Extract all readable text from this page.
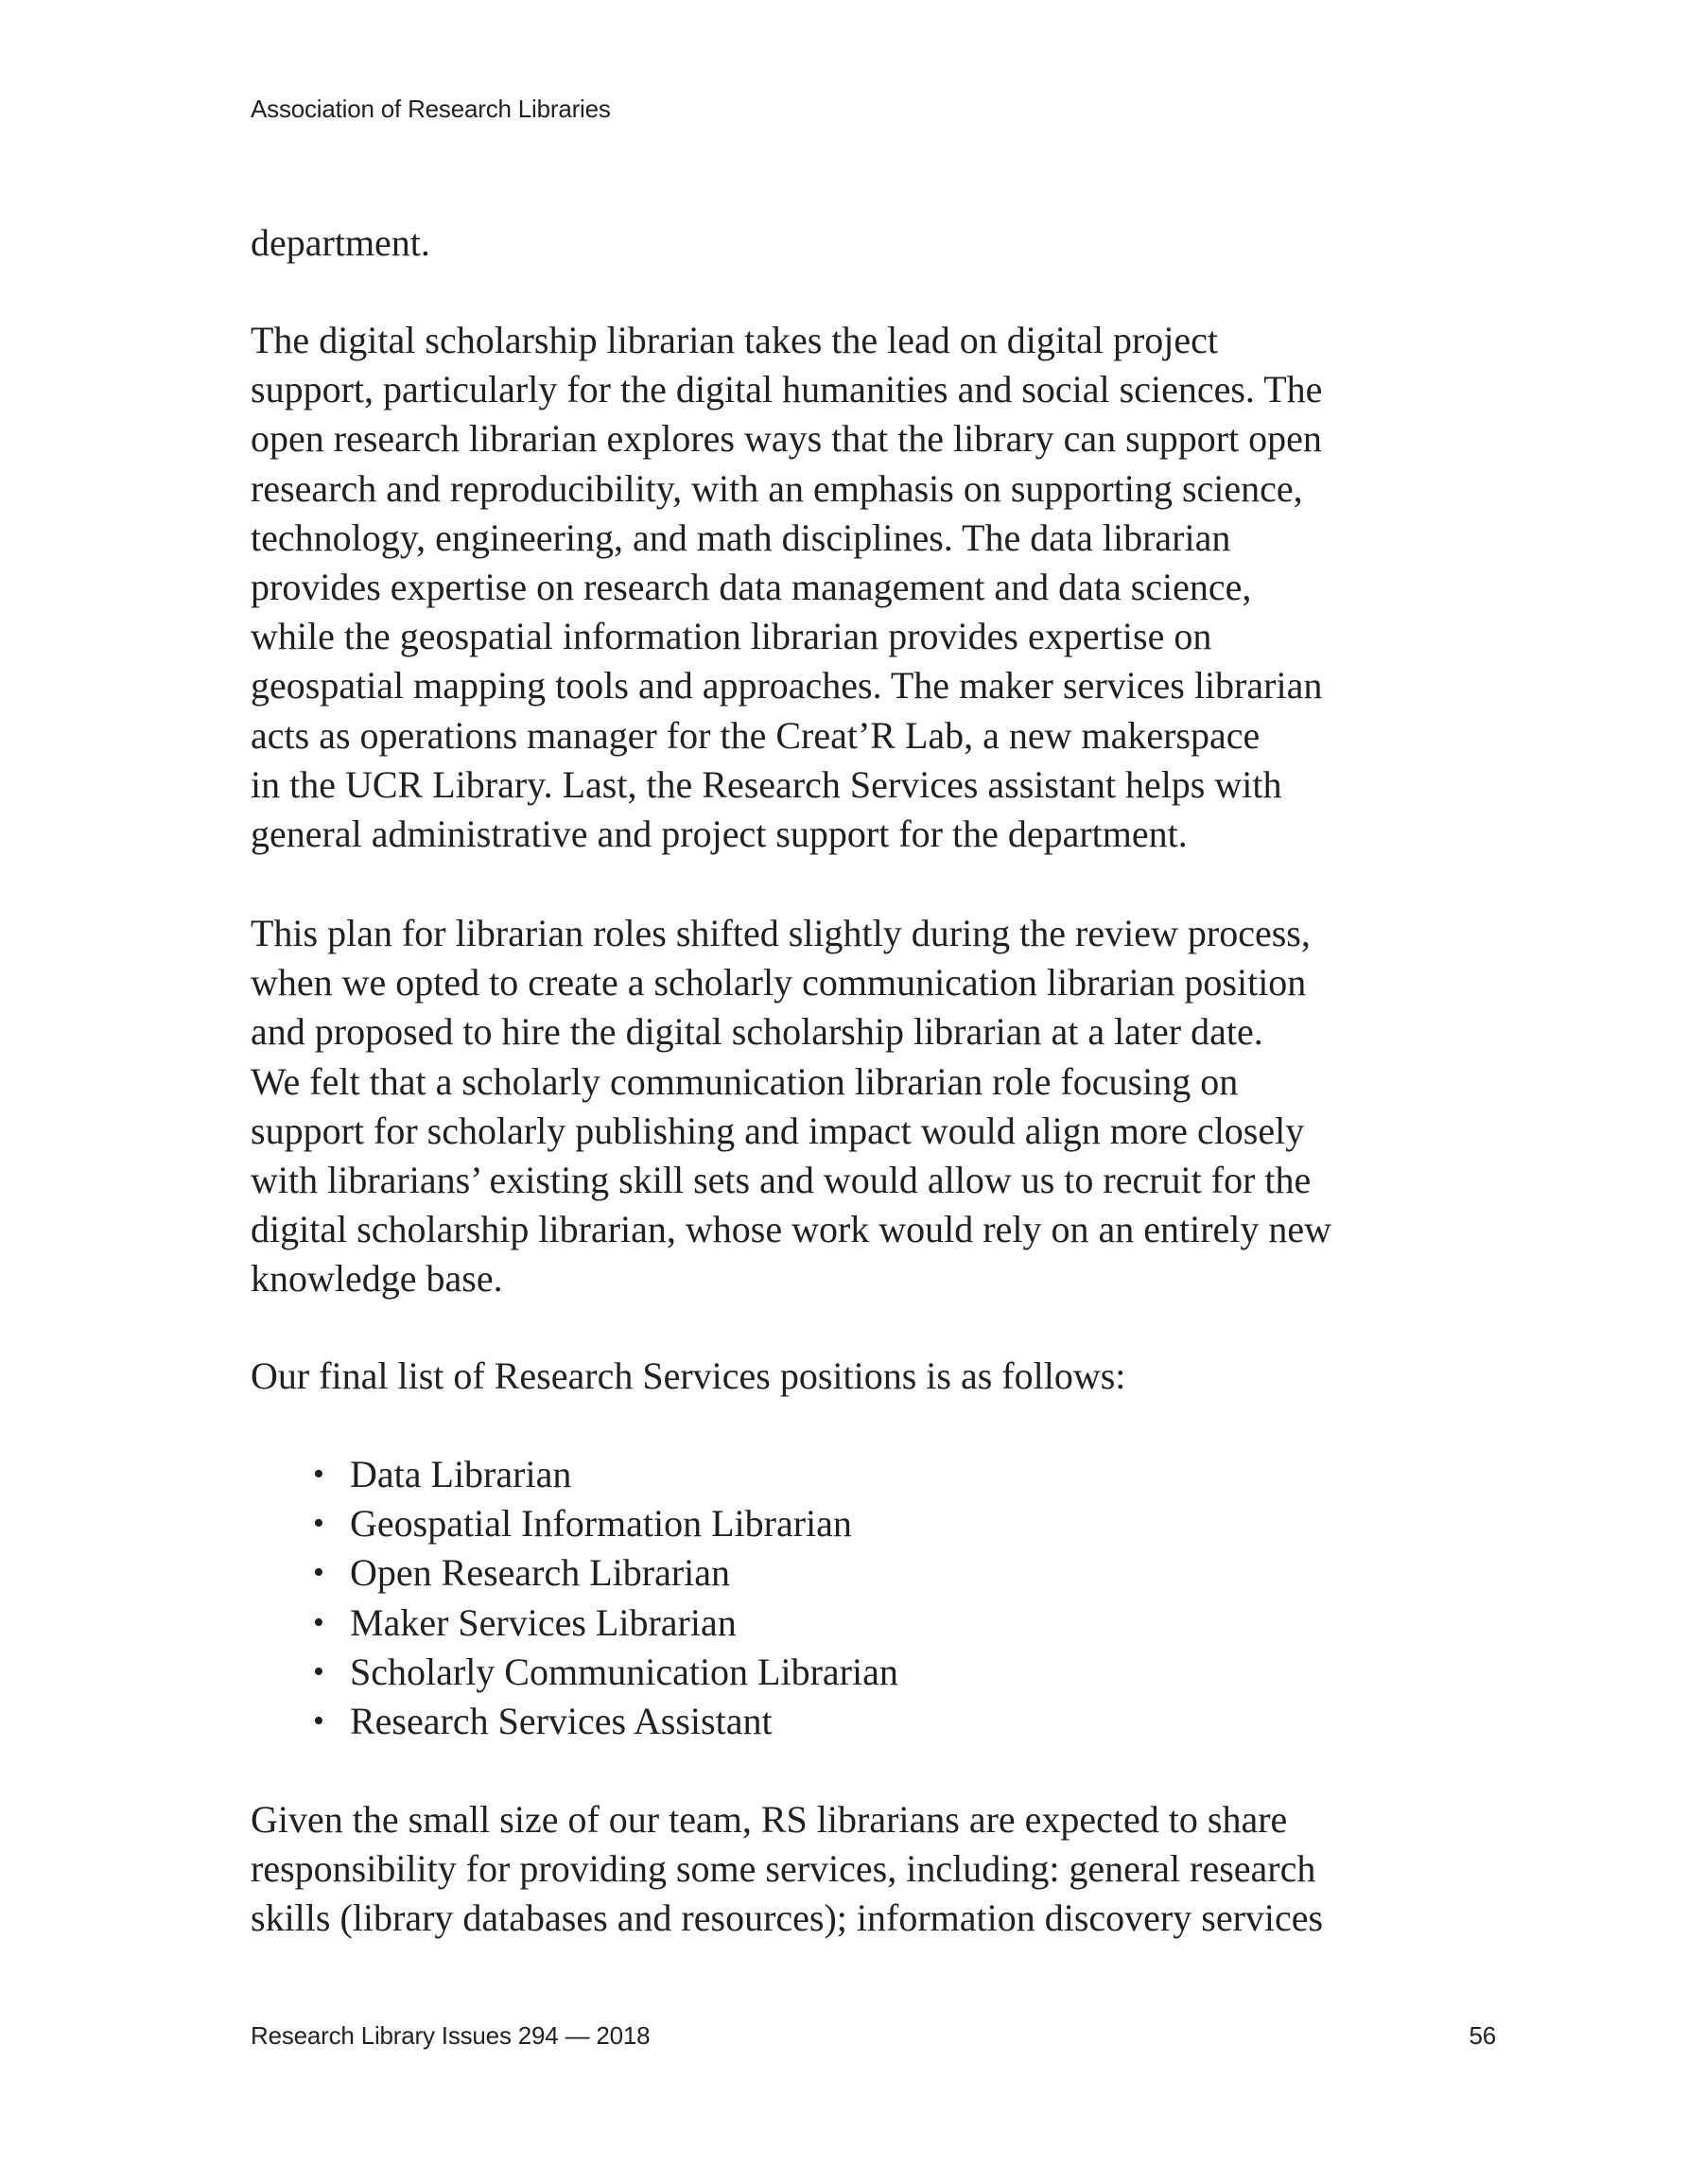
Association of Research Libraries
department.
The digital scholarship librarian takes the lead on digital project
support, particularly for the digital humanities and social sciences. The
open research librarian explores ways that the library can support open
research and reproducibility, with an emphasis on supporting science,
technology, engineering, and math disciplines. The data librarian
provides expertise on research data management and data science,
while the geospatial information librarian provides expertise on
geospatial mapping tools and approaches. The maker services librarian
acts as operations manager for the Creat’R Lab, a new makerspace
in the UCR Library. Last, the Research Services assistant helps with
general administrative and project support for the department.
This plan for librarian roles shifted slightly during the review process,
when we opted to create a scholarly communication librarian position
and proposed to hire the digital scholarship librarian at a later date.
We felt that a scholarly communication librarian role focusing on
support for scholarly publishing and impact would align more closely
with librarians’ existing skill sets and would allow us to recruit for the
digital scholarship librarian, whose work would rely on an entirely new
knowledge base.
Our final list of Research Services positions is as follows:
• Data Librarian
• Geospatial Information Librarian
• Open Research Librarian
• Maker Services Librarian
• Scholarly Communication Librarian
• Research Services Assistant
Given the small size of our team, RS librarians are expected to share
responsibility for providing some services, including: general research
skills (library databases and resources); information discovery services
Research Library Issues 294 — 2018	56
